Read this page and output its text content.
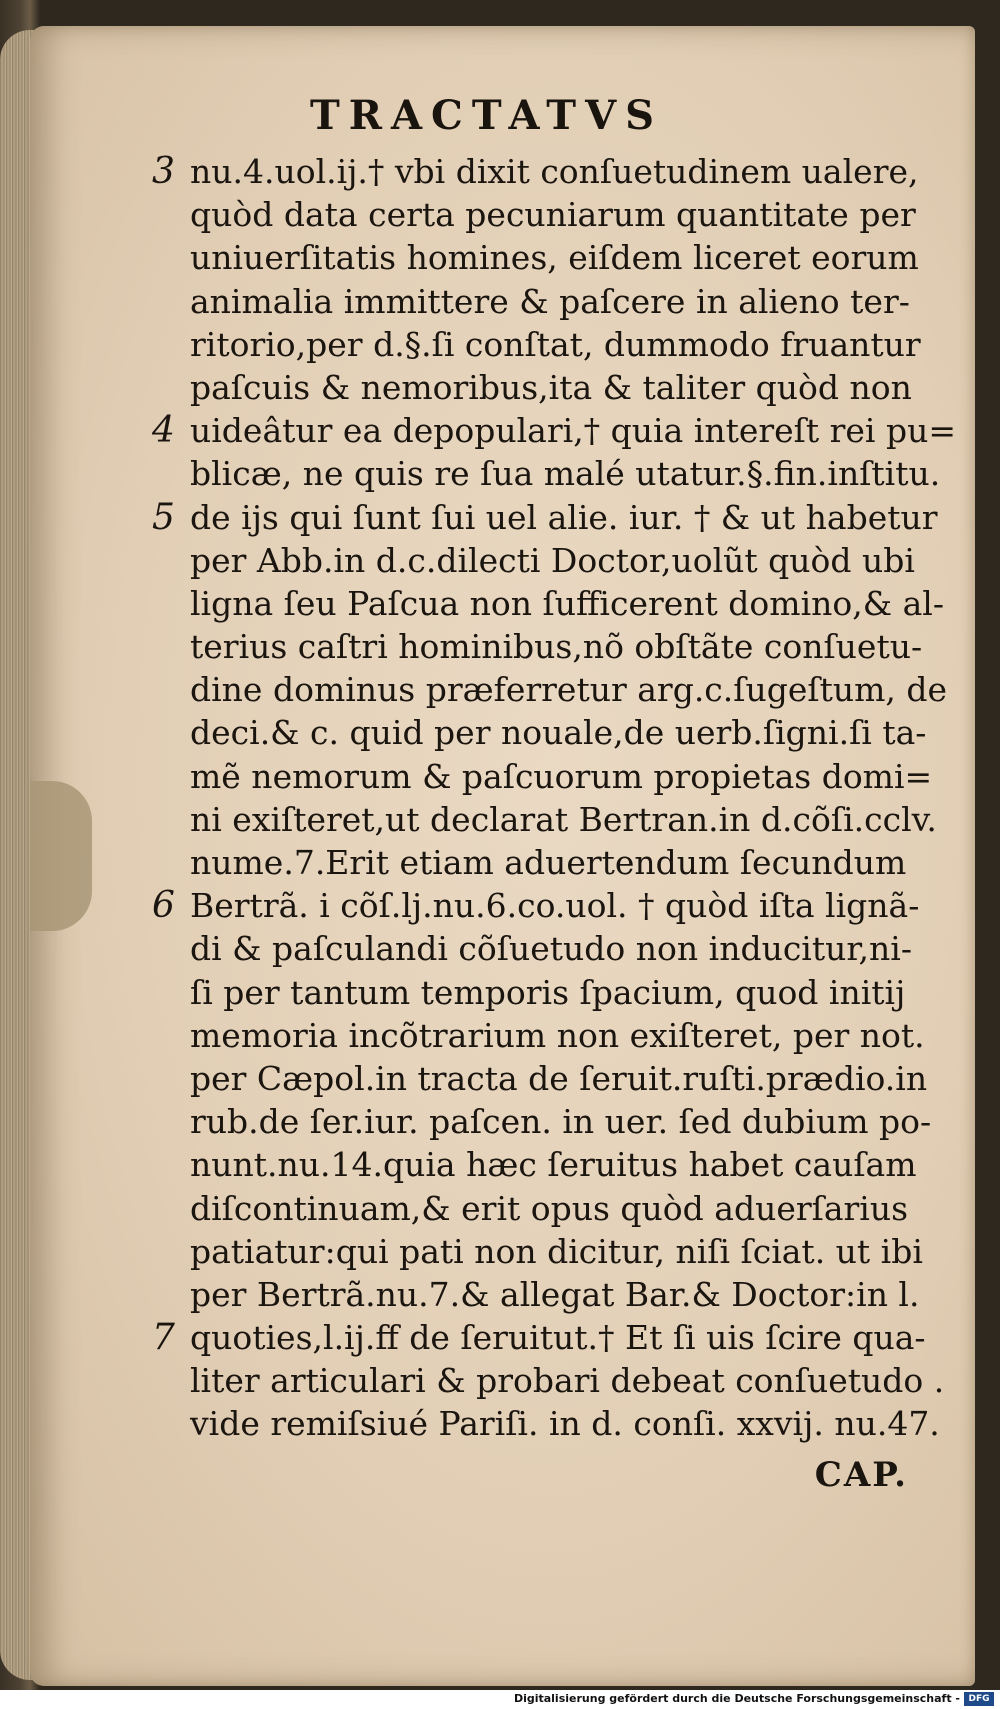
TRACTATVS
3 nu.4.uol.ij.† vbi dixit conſuetudinem ualere,
quòd data certa pecuniarum quantitate per
uniuerſitatis homines, eiſdem liceret eorum
animalia immittere & paſcere in alieno ter-
ritorio,per d.§.ſi conſtat, dummodo fruantur
paſcuis & nemoribus,ita & taliter quòd non
4 uideâtur ea depopulari,† quia intereſt rei pu=
blicæ, ne quis re ſua malé utatur.§.fin.inſtitu.
5 de ijs qui ſunt ſui uel alie. iur. † & ut habetur
per Abb.in d.c.dilecti Doctor,uolũt quòd ubi
ligna ſeu Paſcua non ſufficerent domino,& al-
terius caſtri hominibus,nõ obſtãte conſuetu-
dine dominus præferretur arg.c.ſugeſtum, de
deci.& c. quid per nouale,de uerb.ſigni.ſi ta-
mẽ nemorum & paſcuorum propietas domi=
ni exiſteret,ut declarat Bertran.in d.cõſi.cclv.
nume.7.Erit etiam aduertendum ſecundum
6 Bertrã. i cõſ.lj.nu.6.co.uol. † quòd iſta lignã-
di & paſculandi cõſuetudo non inducitur,ni-
ſi per tantum temporis ſpacium, quod initij
memoria incõtrarium non exiſteret, per not.
per Cæpol.in tracta de ſeruit.ruſti.prædio.in
rub.de ſer.iur. paſcen. in uer. ſed dubium po-
nunt.nu.14.quia hæc ſeruitus habet cauſam
diſcontinuam,& erit opus quòd aduerſarius
patiatur:qui pati non dicitur, niſi ſciat. ut ibi
per Bertrã.nu.7.& allegat Bar.& Doctor:in l.
7 quoties,l.ij.ff de ſeruitut.† Et ſi uis ſcire qua-
liter articulari & probari debeat conſuetudo .
vide remiſsiué Pariſi. in d. conſi. xxvij. nu.47.
CAP.
Digitalisierung gefördert durch die Deutsche Forschungsgemeinschaft - DFG
